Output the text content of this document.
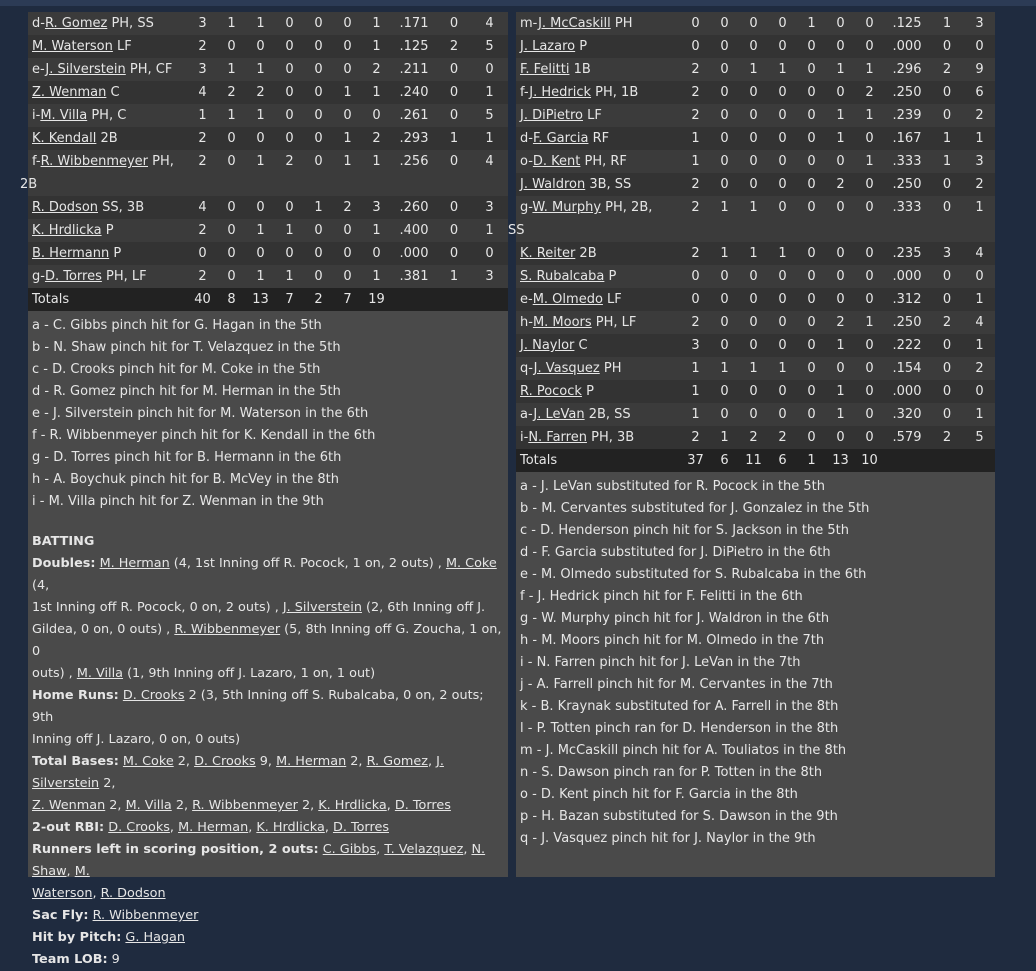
d-R. Gomez PH, SS	3	1	1	0	0	0	1	.171	0	4
M. Waterson LF	2	0	0	0	0	0	1	.125	2	5
e-J. Silverstein PH, CF	3	1	1	0	0	0	2	.211	0	0
Z. Wenman C	4	2	2	0	0	1	1	.240	0	1
i-M. Villa PH, C	1	1	1	0	0	0	0	.261	0	5
K. Kendall 2B	2	0	0	0	0	1	2	.293	1	1
f-R. Wibbenmeyer PH,
2B	2	0	1	2	0	1	1	.256	0	4
R. Dodson SS, 3B	4	0	0	0	1	2	3	.260	0	3
K. Hrdlicka P	2	0	1	1	0	0	1	.400	0	1
B. Hermann P	0	0	0	0	0	0	0	.000	0	0
g-D. Torres PH, LF	2	0	1	1	0	0	1	.381	1	3
Totals	40	8	13	7	2	7	19			
a - C. Gibbs pinch hit for G. Hagan in the 5th
b - N. Shaw pinch hit for T. Velazquez in the 5th
c - D. Crooks pinch hit for M. Coke in the 5th
d - R. Gomez pinch hit for M. Herman in the 5th
e - J. Silverstein pinch hit for M. Waterson in the 6th
f - R. Wibbenmeyer pinch hit for K. Kendall in the 6th
g - D. Torres pinch hit for B. Hermann in the 6th
h - A. Boychuk pinch hit for B. McVey in the 8th
i - M. Villa pinch hit for Z. Wenman in the 9th
BATTING
Doubles: M. Herman (4, 1st Inning off R. Pocock, 1 on, 2 outs) , M. Coke (4,
1st Inning off R. Pocock, 0 on, 2 outs) , J. Silverstein (2, 6th Inning off J.
Gildea, 0 on, 0 outs) , R. Wibbenmeyer (5, 8th Inning off G. Zoucha, 1 on, 0
outs) , M. Villa (1, 9th Inning off J. Lazaro, 1 on, 1 out)
Home Runs: D. Crooks 2 (3, 5th Inning off S. Rubalcaba, 0 on, 2 outs; 9th
Inning off J. Lazaro, 0 on, 0 outs)
Total Bases: M. Coke 2, D. Crooks 9, M. Herman 2, R. Gomez, J. Silverstein 2,
Z. Wenman 2, M. Villa 2, R. Wibbenmeyer 2, K. Hrdlicka, D. Torres
2-out RBI: D. Crooks, M. Herman, K. Hrdlicka, D. Torres
Runners left in scoring position, 2 outs: C. Gibbs, T. Velazquez, N. Shaw, M.
Waterson, R. Dodson
Sac Fly: R. Wibbenmeyer
Hit by Pitch: G. Hagan
Team LOB: 9
m-J. McCaskill PH	0	0	0	0	1	0	0	.125	1	3
J. Lazaro P	0	0	0	0	0	0	0	.000	0	0
F. Felitti 1B	2	0	1	1	0	1	1	.296	2	9
f-J. Hedrick PH, 1B	2	0	0	0	0	0	2	.250	0	6
J. DiPietro LF	2	0	0	0	0	1	1	.239	0	2
d-F. Garcia RF	1	0	0	0	0	1	0	.167	1	1
o-D. Kent PH, RF	1	0	0	0	0	0	1	.333	1	3
J. Waldron 3B, SS	2	0	0	0	0	2	0	.250	0	2
g-W. Murphy PH, 2B,
SS	2	1	1	0	0	0	0	.333	0	1
K. Reiter 2B	2	1	1	1	0	0	0	.235	3	4
S. Rubalcaba P	0	0	0	0	0	0	0	.000	0	0
e-M. Olmedo LF	0	0	0	0	0	0	0	.312	0	1
h-M. Moors PH, LF	2	0	0	0	0	2	1	.250	2	4
J. Naylor C	3	0	0	0	0	1	0	.222	0	1
q-J. Vasquez PH	1	1	1	1	0	0	0	.154	0	2
R. Pocock P	1	0	0	0	0	1	0	.000	0	0
a-J. LeVan 2B, SS	1	0	0	0	0	1	0	.320	0	1
i-N. Farren PH, 3B	2	1	2	2	0	0	0	.579	2	5
Totals	37	6	11	6	1	13	10			
a - J. LeVan substituted for R. Pocock in the 5th
b - M. Cervantes substituted for J. Gonzalez in the 5th
c - D. Henderson pinch hit for S. Jackson in the 5th
d - F. Garcia substituted for J. DiPietro in the 6th
e - M. Olmedo substituted for S. Rubalcaba in the 6th
f - J. Hedrick pinch hit for F. Felitti in the 6th
g - W. Murphy pinch hit for J. Waldron in the 6th
h - M. Moors pinch hit for M. Olmedo in the 7th
i - N. Farren pinch hit for J. LeVan in the 7th
j - A. Farrell pinch hit for M. Cervantes in the 7th
k - B. Kraynak substituted for A. Farrell in the 8th
l - P. Totten pinch ran for D. Henderson in the 8th
m - J. McCaskill pinch hit for A. Touliatos in the 8th
n - S. Dawson pinch ran for P. Totten in the 8th
o - D. Kent pinch hit for F. Garcia in the 8th
p - H. Bazan substituted for S. Dawson in the 9th
q - J. Vasquez pinch hit for J. Naylor in the 9th
